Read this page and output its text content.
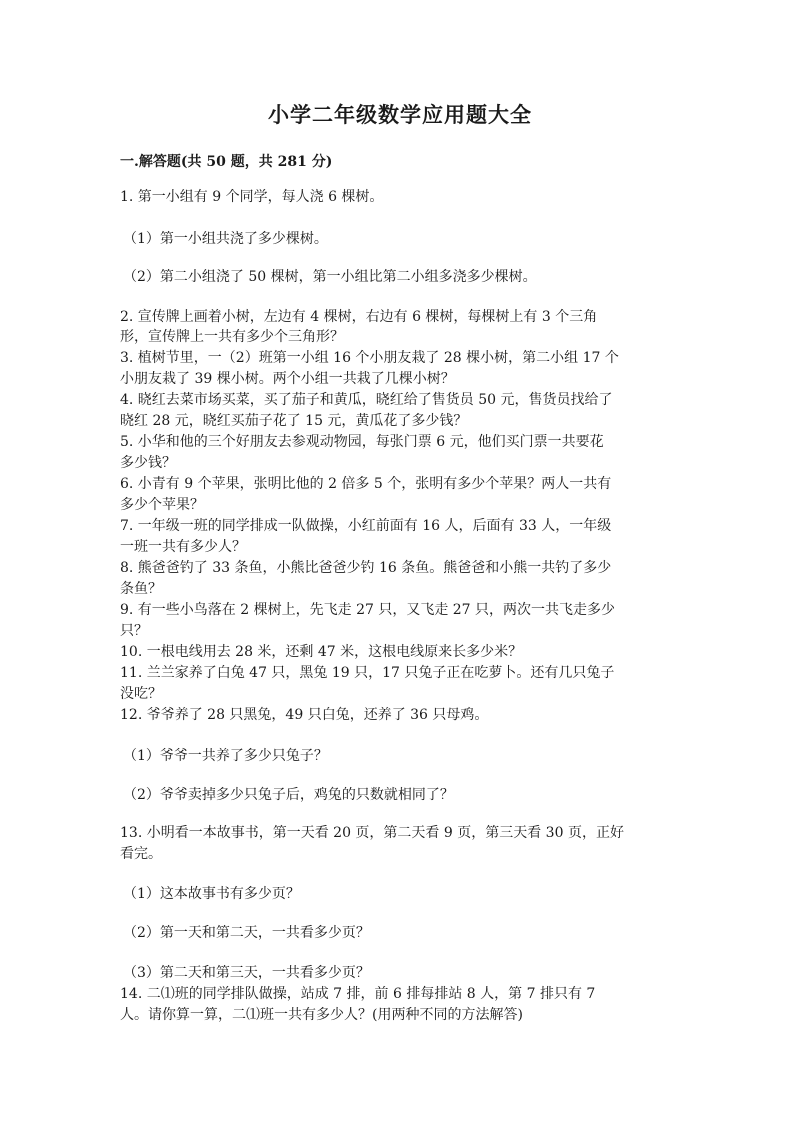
小学二年级数学应用题大全
一.解答题(共 50 题，共 281 分)
1. 第一小组有 9 个同学，每人浇 6 棵树。
（1）第一小组共浇了多少棵树。
（2）第二小组浇了 50 棵树，第一小组比第二小组多浇多少棵树。
2. 宣传牌上画着小树，左边有 4 棵树，右边有 6 棵树，每棵树上有 3 个三角
形，宣传牌上一共有多少个三角形？
3. 植树节里，一（2）班第一小组 16 个小朋友栽了 28 棵小树，第二小组 17 个
小朋友栽了 39 棵小树。两个小组一共栽了几棵小树？
4. 晓红去菜市场买菜，买了茄子和黄瓜，晓红给了售货员 50 元，售货员找给了
晓红 28 元，晓红买茄子花了 15 元，黄瓜花了多少钱？
5. 小华和他的三个好朋友去参观动物园，每张门票 6 元，他们买门票一共要花
多少钱？
6. 小青有 9 个苹果，张明比他的 2 倍多 5 个，张明有多少个苹果？两人一共有
多少个苹果？
7. 一年级一班的同学排成一队做操，小红前面有 16 人，后面有 33 人，一年级
一班一共有多少人？
8. 熊爸爸钓了 33 条鱼，小熊比爸爸少钓 16 条鱼。熊爸爸和小熊一共钓了多少
条鱼？
9. 有一些小鸟落在 2 棵树上，先飞走 27 只，又飞走 27 只，两次一共飞走多少
只？
10. 一根电线用去 28 米，还剩 47 米，这根电线原来长多少米？
11. 兰兰家养了白兔 47 只，黑兔 19 只，17 只兔子正在吃萝卜。还有几只兔子
没吃？
12. 爷爷养了 28 只黑兔，49 只白兔，还养了 36 只母鸡。
（1）爷爷一共养了多少只兔子？
（2）爷爷卖掉多少只兔子后，鸡兔的只数就相同了？
13. 小明看一本故事书，第一天看 20 页，第二天看 9 页，第三天看 30 页，正好
看完。
（1）这本故事书有多少页？
（2）第一天和第二天，一共看多少页？
（3）第二天和第三天，一共看多少页？
14. 二⑴班的同学排队做操，站成 7 排，前 6 排每排站 8 人，第 7 排只有 7
人。请你算一算，二⑴班一共有多少人？(用两种不同的方法解答)
